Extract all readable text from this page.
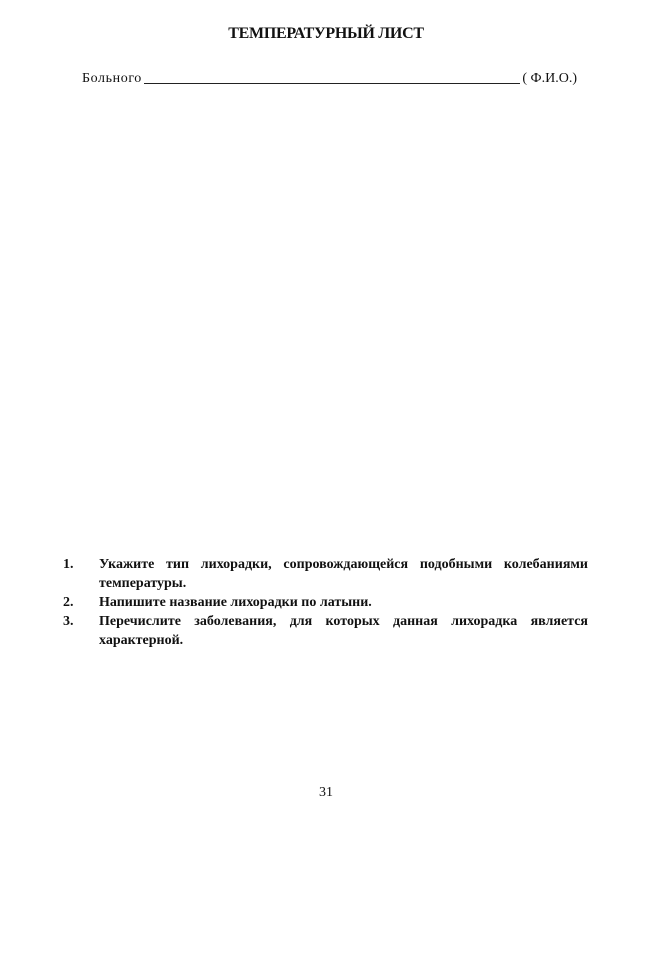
ТЕМПЕРАТУРНЫЙ ЛИСТ
Больного	( Ф.И.О.)
1.	Укажите тип лихорадки, сопровождающейся подобными колебаниями температуры.
2.	Напишите название лихорадки по латыни.
3.	Перечислите заболевания, для которых данная лихорадка является характерной.
31
